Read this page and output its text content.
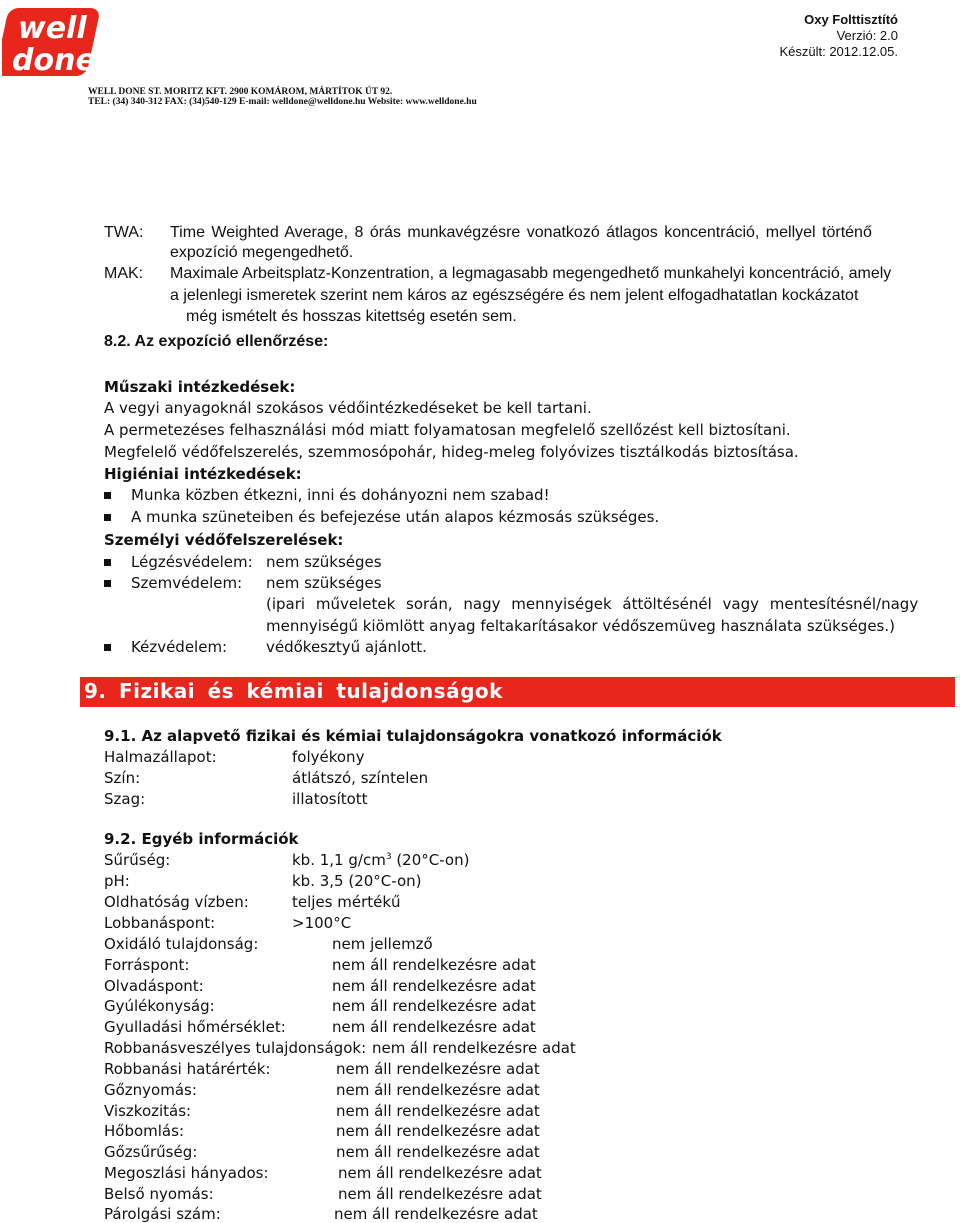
well
done
WELL DONE ST. MORITZ KFT. 2900 KOMÁROM, MÁRTÍTOK ÚT 92.
TEL: (34) 340-312 FAX: (34)540-129 E-mail: welldone@welldone.hu Website: www.welldone.hu
Oxy Folttisztító
Verzió: 2.0
Készült: 2012.12.05.
TWA: Time Weighted Average, 8 órás munkavégzésre vonatkozó átlagos koncentráció, mellyel történő
expozíció megengedhető.
MAK: Maximale Arbeitsplatz-Konzentration, a legmagasabb megengedhető munkahelyi koncentráció, amely
a jelenlegi ismeretek szerint nem káros az egészségére és nem jelent elfogadhatatlan kockázatot
még ismételt és hosszas kitettség esetén sem.
8.2. Az expozíció ellenőrzése:
Műszaki intézkedések:
A vegyi anyagoknál szokásos védőintézkedéseket be kell tartani.
A permetezéses felhasználási mód miatt folyamatosan megfelelő szellőzést kell biztosítani.
Megfelelő védőfelszerelés, szemmosópohár, hideg-meleg folyóvizes tisztálkodás biztosítása.
Higiéniai intézkedések:
Munka közben étkezni, inni és dohányozni nem szabad!
A munka szüneteiben és befejezése után alapos kézmosás szükséges.
Személyi védőfelszerelések:
Légzésvédelem: nem szükséges
Szemvédelem: nem szükséges
(ipari műveletek során, nagy mennyiségek áttöltésénél vagy mentesítésnél/nagy
mennyiségű kiömlött anyag feltakarításakor védőszemüveg használata szükséges.)
Kézvédelem:	védőkesztyű ajánlott.
9. Fizikai és kémiai tulajdonságok
9.1. Az alapvető fizikai és kémiai tulajdonságokra vonatkozó információk
Halmazállapot:	folyékony
Szín:	átlátszó, színtelen
Szag:	illatosított
9.2. Egyéb információk
Sűrűség:	kb. 1,1 $g/cm^3$ (20°C-on)
pH:	kb. 3,5 (20°C-on)
Oldhatóság vízben:	teljes mértékű
Lobbanáspont:	>100°C
Oxidáló tulajdonság:	nem jellemző
Forráspont:	nem áll rendelkezésre adat
Olvadáspont:	nem áll rendelkezésre adat
Gyúlékonyság:	nem áll rendelkezésre adat
Gyulladási hőmérséklet:	nem áll rendelkezésre adat
Robbanásveszélyes tulajdonságok: nem áll rendelkezésre adat
Robbanási határérték:	nem áll rendelkezésre adat
Gőznyomás:	nem áll rendelkezésre adat
Viszkozitás:	nem áll rendelkezésre adat
Hőbomlás:	nem áll rendelkezésre adat
Gőzsűrűség:	nem áll rendelkezésre adat
Megoszlási hányados:	nem áll rendelkezésre adat
Belső nyomás:	nem áll rendelkezésre adat
Párolgási szám:	nem áll rendelkezésre adat
